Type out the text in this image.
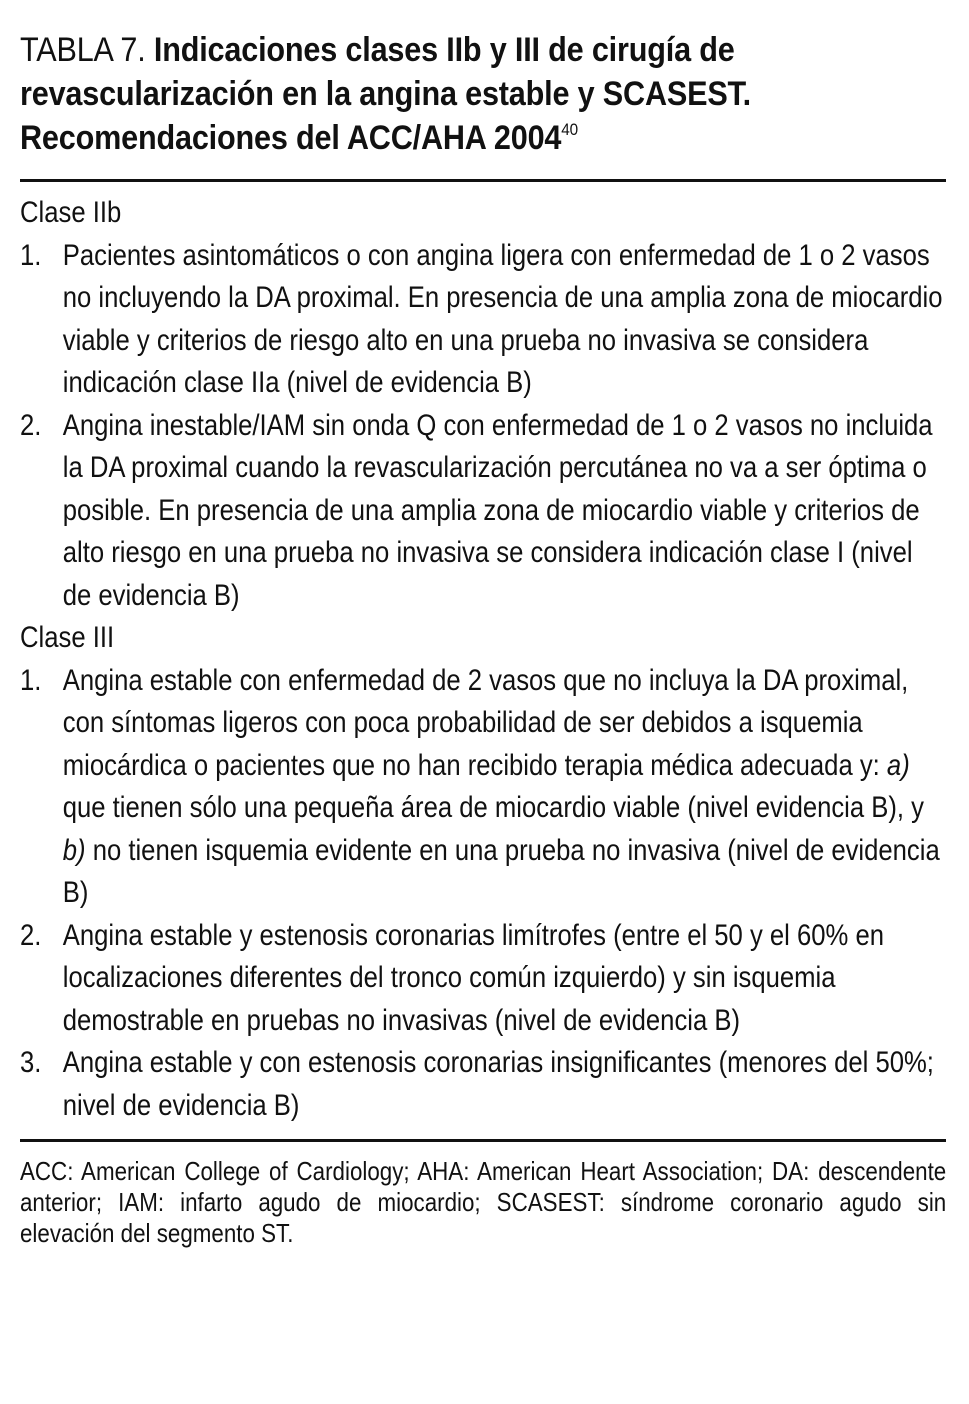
TABLA 7. Indicaciones clases IIb y III de cirugía de revascularización en la angina estable y SCASEST. Recomendaciones del ACC/AHA 2004$^{40}$
Clase IIb
1. Pacientes asintomáticos o con angina ligera con enfermedad de 1 o 2 vasos no incluyendo la DA proximal. En presencia de una amplia zona de miocardio viable y criterios de riesgo alto en una prueba no invasiva se considera indicación clase IIa (nivel de evidencia B)
2. Angina inestable/IAM sin onda Q con enfermedad de 1 o 2 vasos no incluida la DA proximal cuando la revascularización percutánea no va a ser óptima o posible. En presencia de una amplia zona de miocardio viable y criterios de alto riesgo en una prueba no invasiva se considera indicación clase I (nivel de evidencia B)
Clase III
1. Angina estable con enfermedad de 2 vasos que no incluya la DA proximal, con síntomas ligeros con poca probabilidad de ser debidos a isquemia miocárdica o pacientes que no han recibido terapia médica adecuada y: a) que tienen sólo una pequeña área de miocardio viable (nivel evidencia B), y b) no tienen isquemia evidente en una prueba no invasiva (nivel de evidencia B)
2. Angina estable y estenosis coronarias limítrofes (entre el 50 y el 60% en localizaciones diferentes del tronco común izquierdo) y sin isquemia demostrable en pruebas no invasivas (nivel de evidencia B)
3. Angina estable y con estenosis coronarias insignificantes (menores del 50%; nivel de evidencia B)
ACC: American College of Cardiology; AHA: American Heart Association; DA: descendente anterior; IAM: infarto agudo de miocardio; SCASEST: síndrome coronario agudo sin elevación del segmento ST.
